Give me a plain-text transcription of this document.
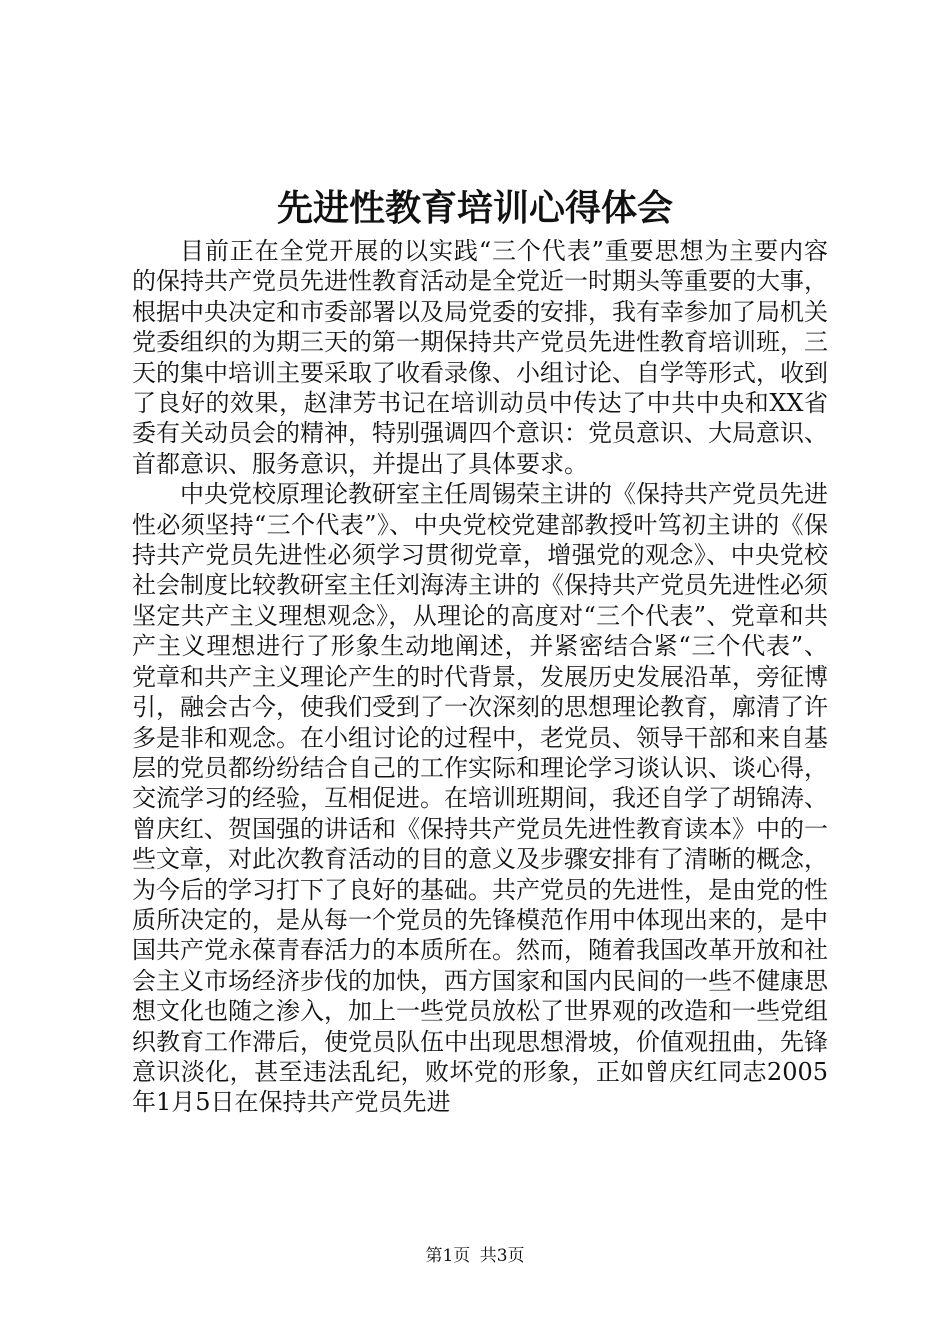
先进性教育培训心得体会

目前正在全党开展的以实践“三个代表”重要思想为主要内容的保持共产党员先进性教育活动是全党近一时期头等重要的大事，根据中央决定和市委部署以及局党委的安排，我有幸参加了局机关党委组织的为期三天的第一期保持共产党员先进性教育培训班，三天的集中培训主要采取了收看录像、小组讨论、自学等形式，收到了良好的效果，赵津芳书记在培训动员中传达了中共中央和XX省委有关动员会的精神，特别强调四个意识：党员意识、大局意识、首都意识、服务意识，并提出了具体要求。

中央党校原理论教研室主任周锡荣主讲的《保持共产党员先进性必须坚持“三个代表”》、中央党校党建部教授叶笃初主讲的《保持共产党员先进性必须学习贯彻党章，增强党的观念》、中央党校社会制度比较教研室主任刘海涛主讲的《保持共产党员先进性必须坚定共产主义理想观念》，从理论的高度对“三个代表”、党章和共产主义理想进行了形象生动地阐述，并紧密结合紧“三个代表”、党章和共产主义理论产生的时代背景，发展历史发展沿革，旁征博引，融会古今，使我们受到了一次深刻的思想理论教育，廓清了许多是非和观念。在小组讨论的过程中，老党员、领导干部和来自基层的党员都纷纷结合自己的工作实际和理论学习谈认识、谈心得，交流学习的经验，互相促进。在培训班期间，我还自学了胡锦涛、曾庆红、贺国强的讲话和《保持共产党员先进性教育读本》中的一些文章，对此次教育活动的目的意义及步骤安排有了清晰的概念，为今后的学习打下了良好的基础。共产党员的先进性，是由党的性质所决定的，是从每一个党员的先锋模范作用中体现出来的，是中国共产党永葆青春活力的本质所在。然而，随着我国改革开放和社会主义市场经济步伐的加快，西方国家和国内民间的一些不健康思想文化也随之渗入，加上一些党员放松了世界观的改造和一些党组织教育工作滞后，使党员队伍中出现思想滑坡，价值观扭曲，先锋意识淡化，甚至违法乱纪，败坏党的形象，正如曾庆红同志2005年1月5日在保持共产党员先进

第1页 共3页
